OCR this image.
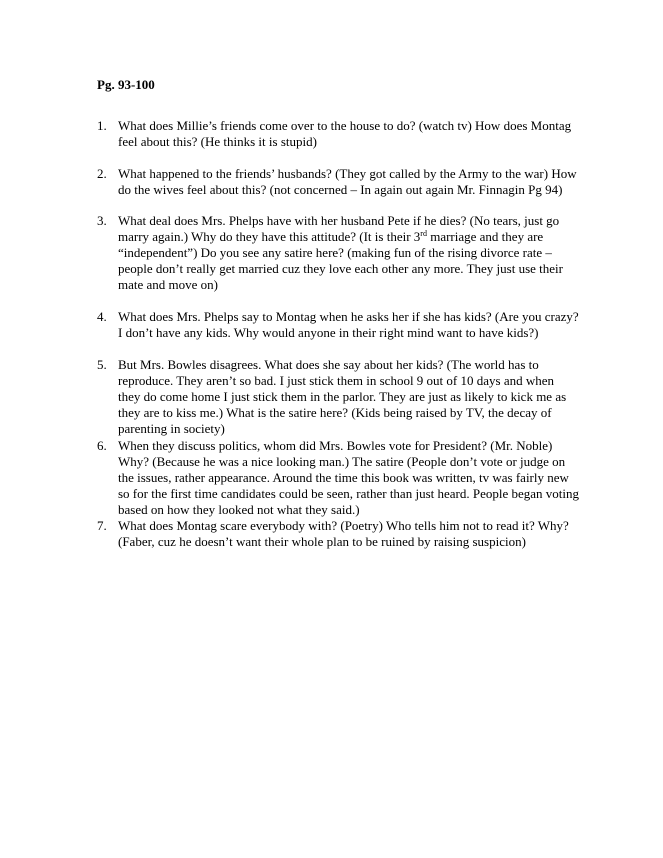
Pg. 93-100
1. What does Millie’s friends come over to the house to do? (watch tv) How does Montag
feel about this? (He thinks it is stupid)
2. What happened to the friends’ husbands? (They got called by the Army to the war) How
do the wives feel about this? (not concerned – In again out again Mr. Finnagin Pg 94)
3. What deal does Mrs. Phelps have with her husband Pete if he dies? (No tears, just go
marry again.) Why do they have this attitude? (It is their 3rd marriage and they are
“independent”) Do you see any satire here? (making fun of the rising divorce rate –
people don’t really get married cuz they love each other any more. They just use their
mate and move on)
4. What does Mrs. Phelps say to Montag when he asks her if she has kids? (Are you crazy?
I don’t have any kids. Why would anyone in their right mind want to have kids?)
5. But Mrs. Bowles disagrees. What does she say about her kids? (The world has to
reproduce. They aren’t so bad. I just stick them in school 9 out of 10 days and when
they do come home I just stick them in the parlor. They are just as likely to kick me as
they are to kiss me.) What is the satire here? (Kids being raised by TV, the decay of
parenting in society)
6. When they discuss politics, whom did Mrs. Bowles vote for President? (Mr. Noble)
Why? (Because he was a nice looking man.) The satire (People don’t vote or judge on
the issues, rather appearance. Around the time this book was written, tv was fairly new
so for the first time candidates could be seen, rather than just heard. People began voting
based on how they looked not what they said.)
7. What does Montag scare everybody with? (Poetry) Who tells him not to read it? Why?
(Faber, cuz he doesn’t want their whole plan to be ruined by raising suspicion)
